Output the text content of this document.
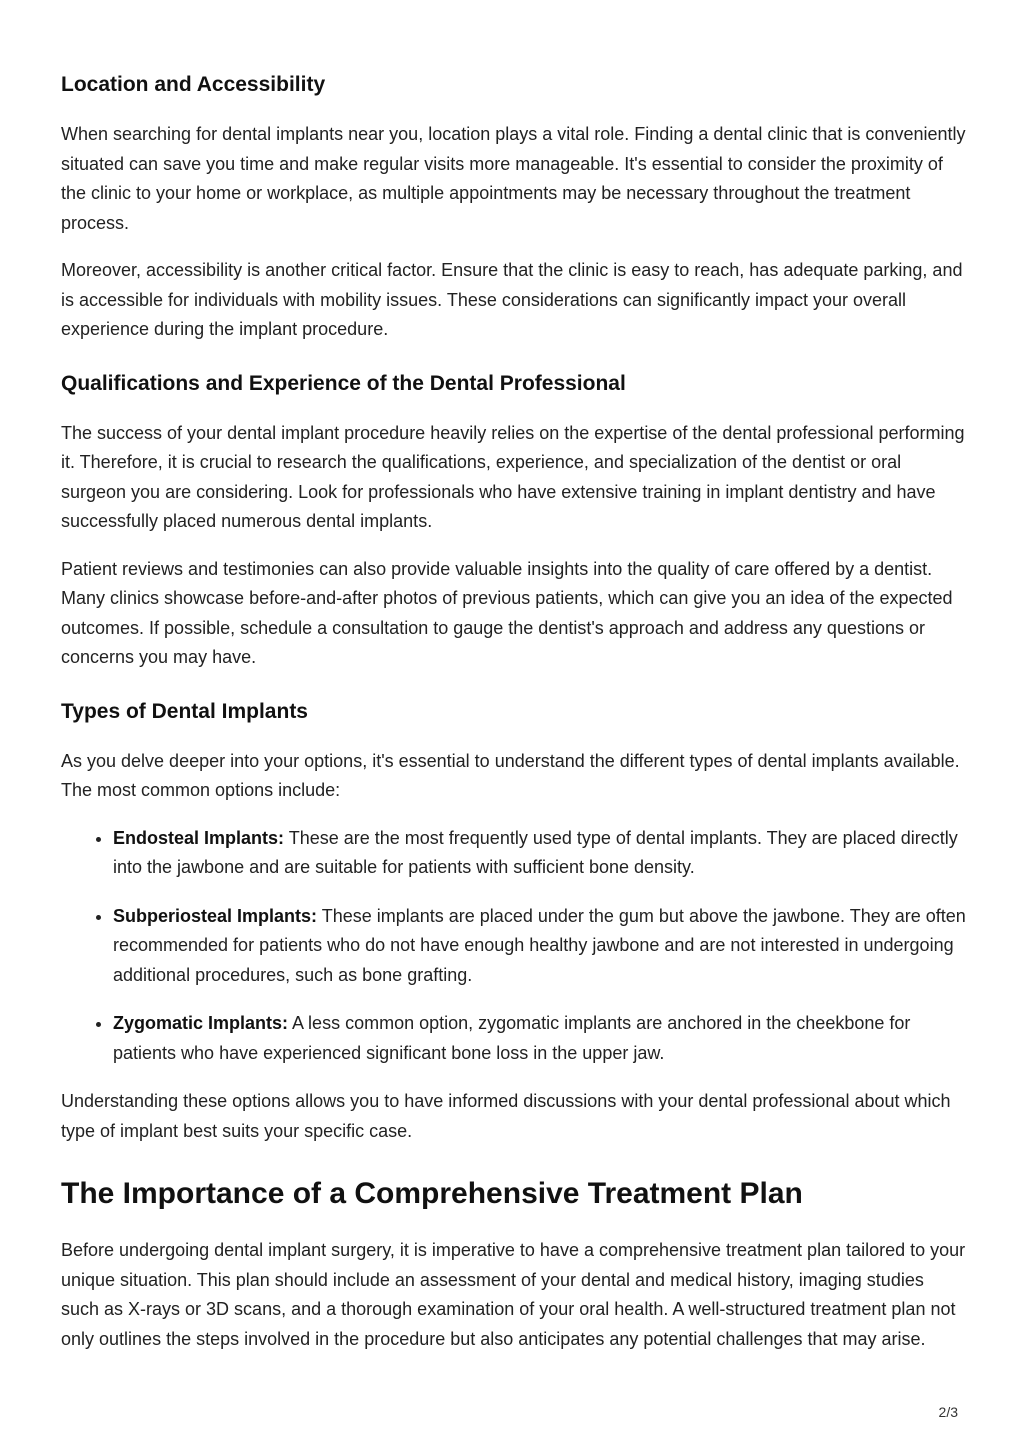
Location and Accessibility

When searching for dental implants near you, location plays a vital role. Finding a dental clinic that is conveniently situated can save you time and make regular visits more manageable. It's essential to consider the proximity of the clinic to your home or workplace, as multiple appointments may be necessary throughout the treatment process.

Moreover, accessibility is another critical factor. Ensure that the clinic is easy to reach, has adequate parking, and is accessible for individuals with mobility issues. These considerations can significantly impact your overall experience during the implant procedure.

Qualifications and Experience of the Dental Professional

The success of your dental implant procedure heavily relies on the expertise of the dental professional performing it. Therefore, it is crucial to research the qualifications, experience, and specialization of the dentist or oral surgeon you are considering. Look for professionals who have extensive training in implant dentistry and have successfully placed numerous dental implants.

Patient reviews and testimonies can also provide valuable insights into the quality of care offered by a dentist. Many clinics showcase before-and-after photos of previous patients, which can give you an idea of the expected outcomes. If possible, schedule a consultation to gauge the dentist's approach and address any questions or concerns you may have.

Types of Dental Implants

As you delve deeper into your options, it's essential to understand the different types of dental implants available. The most common options include:

• Endosteal Implants: These are the most frequently used type of dental implants. They are placed directly into the jawbone and are suitable for patients with sufficient bone density.
• Subperiosteal Implants: These implants are placed under the gum but above the jawbone. They are often recommended for patients who do not have enough healthy jawbone and are not interested in undergoing additional procedures, such as bone grafting.
• Zygomatic Implants: A less common option, zygomatic implants are anchored in the cheekbone for patients who have experienced significant bone loss in the upper jaw.

Understanding these options allows you to have informed discussions with your dental professional about which type of implant best suits your specific case.

The Importance of a Comprehensive Treatment Plan

Before undergoing dental implant surgery, it is imperative to have a comprehensive treatment plan tailored to your unique situation. This plan should include an assessment of your dental and medical history, imaging studies such as X-rays or 3D scans, and a thorough examination of your oral health. A well-structured treatment plan not only outlines the steps involved in the procedure but also anticipates any potential challenges that may arise.

2/3
